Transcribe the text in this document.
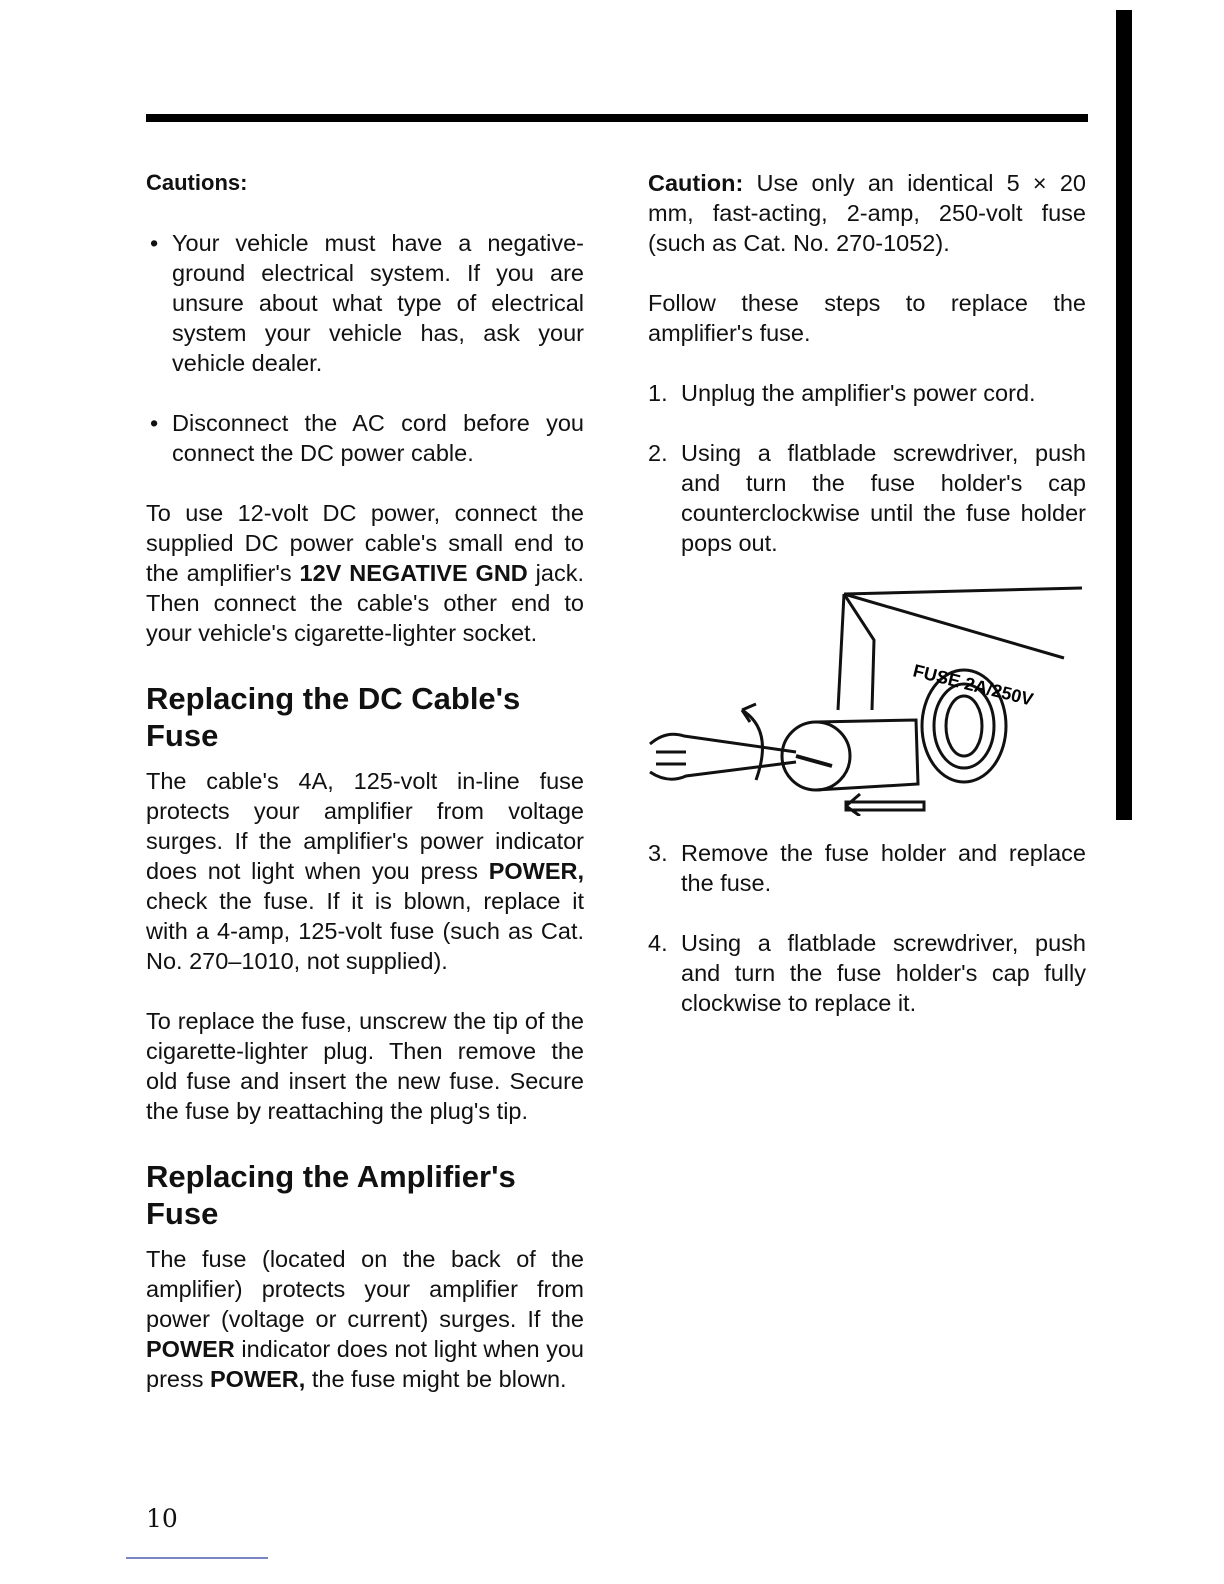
Cautions:
• Your vehicle must have a negative-ground electrical system. If you are unsure about what type of electrical system your vehicle has, ask your vehicle dealer.
• Disconnect the AC cord before you connect the DC power cable.

To use 12-volt DC power, connect the supplied DC power cable's small end to the amplifier's 12V NEGATIVE GND jack. Then connect the cable's other end to your vehicle's cigarette-lighter socket.

Replacing the DC Cable's Fuse

The cable's 4A, 125-volt in-line fuse protects your amplifier from voltage surges. If the amplifier's power indicator does not light when you press POWER, check the fuse. If it is blown, replace it with a 4-amp, 125-volt fuse (such as Cat. No. 270–1010, not supplied).

To replace the fuse, unscrew the tip of the cigarette-lighter plug. Then remove the old fuse and insert the new fuse. Secure the fuse by reattaching the plug's tip.

Replacing the Amplifier's Fuse

The fuse (located on the back of the amplifier) protects your amplifier from power (voltage or current) surges. If the POWER indicator does not light when you press POWER, the fuse might be blown.

Caution: Use only an identical 5 × 20 mm, fast-acting, 2-amp, 250-volt fuse (such as Cat. No. 270-1052).

Follow these steps to replace the amplifier's fuse.

1. Unplug the amplifier's power cord.
2. Using a flatblade screwdriver, push and turn the fuse holder's cap counterclockwise until the fuse holder pops out.
FUSE 2A/250V
3. Remove the fuse holder and replace the fuse.
4. Using a flatblade screwdriver, push and turn the fuse holder's cap fully clockwise to replace it.
10
